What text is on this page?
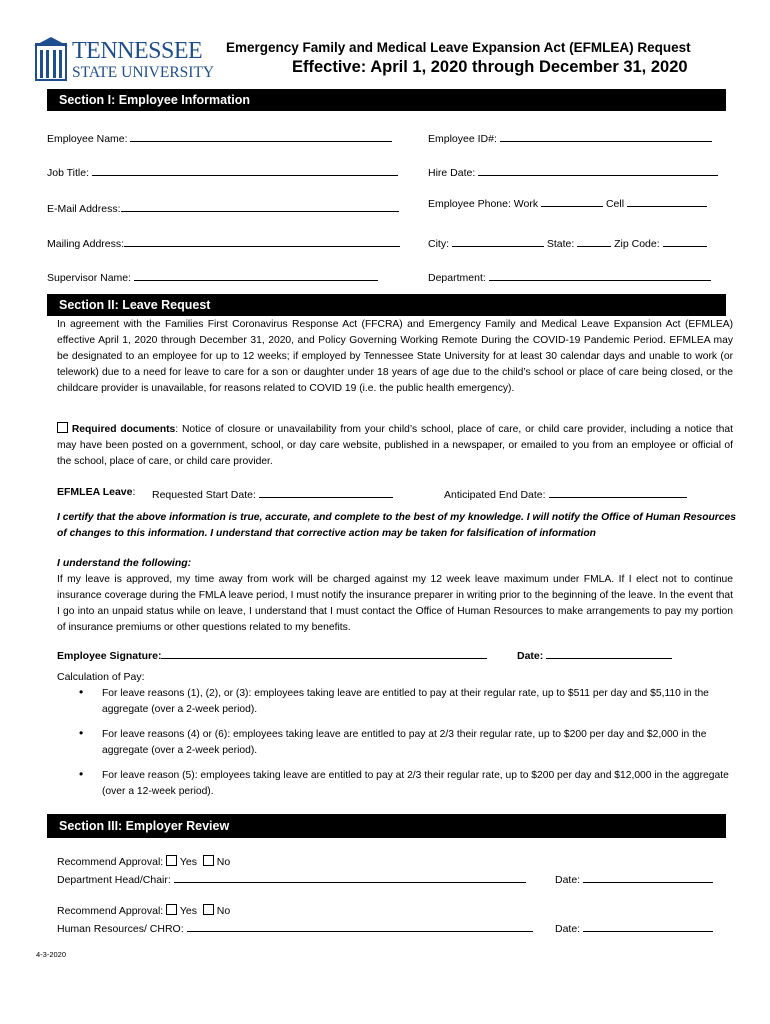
TENNESSEE
STATE UNIVERSITY
Emergency Family and Medical Leave Expansion Act (EFMLEA) Request
Effective: April 1, 2020 through December 31, 2020
Section I: Employee Information
Employee Name:	Employee ID#:
Job Title:	Hire Date:
E-Mail Address:	Employee Phone: Work	Cell
Mailing Address:	City:	State:	Zip Code:
Supervisor Name:	Department:
Section II: Leave Request
In agreement with the Families First Coronavirus Response Act (FFCRA) and Emergency Family and Medical Leave Expansion Act (EFMLEA) effective April 1, 2020 through December 31, 2020, and Policy Governing Working Remote During the COVID-19 Pandemic Period. EFMLEA may be designated to an employee for up to 12 weeks; if employed by Tennessee State University for at least 30 calendar days and unable to work (or telework) due to a need for leave to care for a son or daughter under 18 years of age due to the child’s school or place of care being closed, or the childcare provider is unavailable, for reasons related to COVID 19 (i.e. the public health emergency).
Required documents: Notice of closure or unavailability from your child’s school, place of care, or child care provider, including a notice that may have been posted on a government, school, or day care website, published in a newspaper, or emailed to you from an employee or official of the school, place of care, or child care provider.
EFMLEA Leave: Requested Start Date:	Anticipated End Date:
I certify that the above information is true, accurate, and complete to the best of my knowledge. I will notify the Office of Human Resources of changes to this information. I understand that corrective action may be taken for falsification of information
I understand the following:
If my leave is approved, my time away from work will be charged against my 12 week leave maximum under FMLA. If I elect not to continue insurance coverage during the FMLA leave period, I must notify the insurance preparer in writing prior to the beginning of the leave. In the event that I go into an unpaid status while on leave, I understand that I must contact the Office of Human Resources to make arrangements to pay my portion of insurance premiums or other questions related to my benefits.
Employee Signature:	Date:
Calculation of Pay:
• For leave reasons (1), (2), or (3): employees taking leave are entitled to pay at their regular rate, up to $511 per day and $5,110 in the aggregate (over a 2-week period).
• For leave reasons (4) or (6): employees taking leave are entitled to pay at 2/3 their regular rate, up to $200 per day and $2,000 in the aggregate (over a 2-week period).
• For leave reason (5): employees taking leave are entitled to pay at 2/3 their regular rate, up to $200 per day and $12,000 in the aggregate (over a 12-week period).
Section III: Employer Review
Recommend Approval: Yes No
Department Head/Chair:	Date:
Recommend Approval: Yes No
Human Resources/ CHRO:	Date:
4-3-2020
